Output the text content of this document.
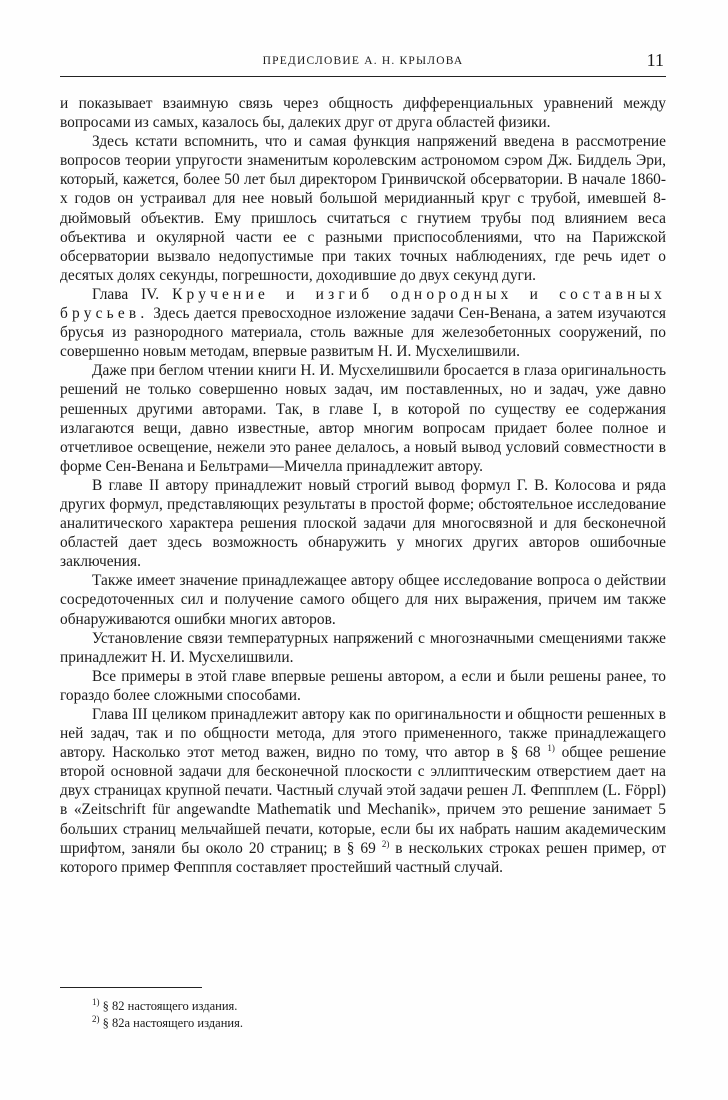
ПРЕДИСЛОВИЕ А. Н. КРЫЛОВА	11

и показывает взаимную связь через общность дифференциальных уравнений между вопросами из самых, казалось бы, далеких друг от друга областей физики.

Здесь кстати вспомнить, что и самая функция напряжений введена в рассмотрение вопросов теории упругости знаменитым королевским астрономом сэром Дж. Биддель Эри, который, кажется, более 50 лет был директором Гринвичской обсерватории. В начале 1860-х годов он устраивал для нее новый большой меридианный круг с трубой, имевшей 8-дюймовый объектив. Ему пришлось считаться с гнутием трубы под влиянием веса объектива и окулярной части ее с разными приспособлениями, что на Парижской обсерватории вызвало недопустимые при таких точных наблюдениях, где речь идет о десятых долях секунды, погрешности, доходившие до двух секунд дуги.

Глава IV. Кручение и изгиб однородных и составных брусьев. Здесь дается превосходное изложение задачи Сен-Венана, а затем изучаются брусья из разнородного материала, столь важные для железобетонных сооружений, по совершенно новым методам, впервые развитым Н. И. Мусхелишвили.

Даже при беглом чтении книги Н. И. Мусхелишвили бросается в глаза оригинальность решений не только совершенно новых задач, им поставленных, но и задач, уже давно решенных другими авторами. Так, в главе I, в которой по существу ее содержания излагаются вещи, давно известные, автор многим вопросам придает более полное и отчетливое освещение, нежели это ранее делалось, а новый вывод условий совместности в форме Сен-Венана и Бельтрами—Мичелла принадлежит автору.

В главе II автору принадлежит новый строгий вывод формул Г. В. Колосова и ряда других формул, представляющих результаты в простой форме; обстоятельное исследование аналитического характера решения плоской задачи для многосвязной и для бесконечной областей дает здесь возможность обнаружить у многих других авторов ошибочные заключения.

Также имеет значение принадлежащее автору общее исследование вопроса о действии сосредоточенных сил и получение самого общего для них выражения, причем им также обнаруживаются ошибки многих авторов.

Установление связи температурных напряжений с многозначными смещениями также принадлежит Н. И. Мусхелишвили.

Все примеры в этой главе впервые решены автором, а если и были решены ранее, то гораздо более сложными способами.

Глава III целиком принадлежит автору как по оригинальности и общности решенных в ней задач, так и по общности метода, для этого примененного, также принадлежащего автору. Насколько этот метод важен, видно по тому, что автор в § 68 $^{1)}$ общее решение второй основной задачи для бесконечной плоскости с эллиптическим отверстием дает на двух страницах крупной печати. Частный случай этой задачи решен Л. Феппплем (L. Föppl) в «Zeitschrift für angewandte Mathematik und Mechanik», причем это решение занимает 5 больших страниц мельчайшей печати, которые, если бы их набрать нашим академическим шрифтом, заняли бы около 20 страниц; в § 69 $^{2)}$ в нескольких строках решен пример, от которого пример Фепппля составляет простейший частный случай.

$^{1)}$ § 82 настоящего издания.
$^{2)}$ § 82а настоящего издания.
